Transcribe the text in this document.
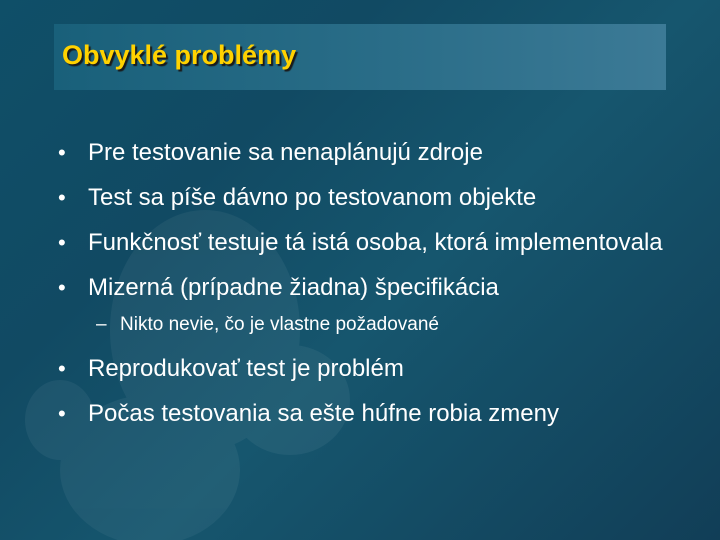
Obvyklé problémy
• Pre testovanie sa nenaplánujú zdroje
• Test sa píše dávno po testovanom objekte
• Funkčnosť testuje tá istá osoba, ktorá implementovala
• Mizerná (prípadne žiadna) špecifikácia
– Nikto nevie, čo je vlastne požadované
• Reprodukovať test je problém
• Počas testovania sa ešte húfne robia zmeny
